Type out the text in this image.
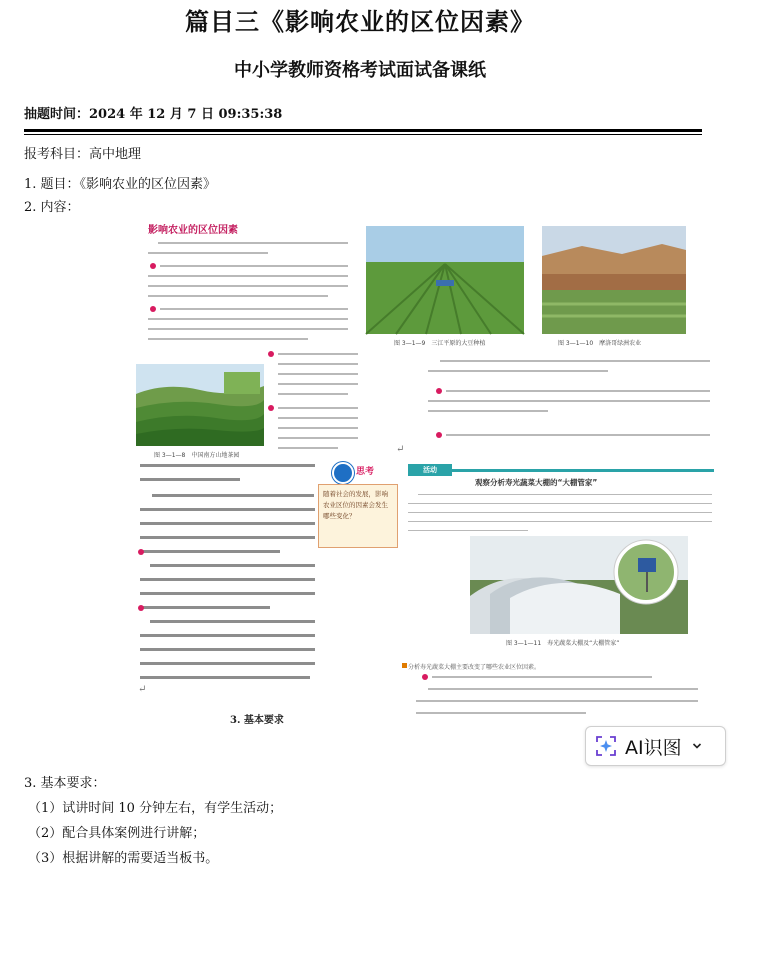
篇目三《影响农业的区位因素》
中小学教师资格考试面试备课纸
抽题时间：2024 年 12 月 7 日 09:35:38
报考科目：高中地理
1. 题目：《影响农业的区位因素》
2. 内容：
影响农业的区位因素
图 3—1—8　中国南方山地茶园
图 3—1—9　三江平原的大豆种植	图 3—1—10　摩洛哥绿洲农业
↵
↵
思考
随着社会的发展，影响农业区位的因素会发生哪些变化？
活动
观察分析寿光蔬菜大棚的“大棚管家”
图 3—1—11　寿光蔬菜大棚及“大棚管家”
分析寿光蔬菜大棚主要改变了哪些农业区位因素。
3. 基本要求
AI识图
3. 基本要求：
（1）试讲时间 10 分钟左右，有学生活动；
（2）配合具体案例进行讲解；
（3）根据讲解的需要适当板书。
